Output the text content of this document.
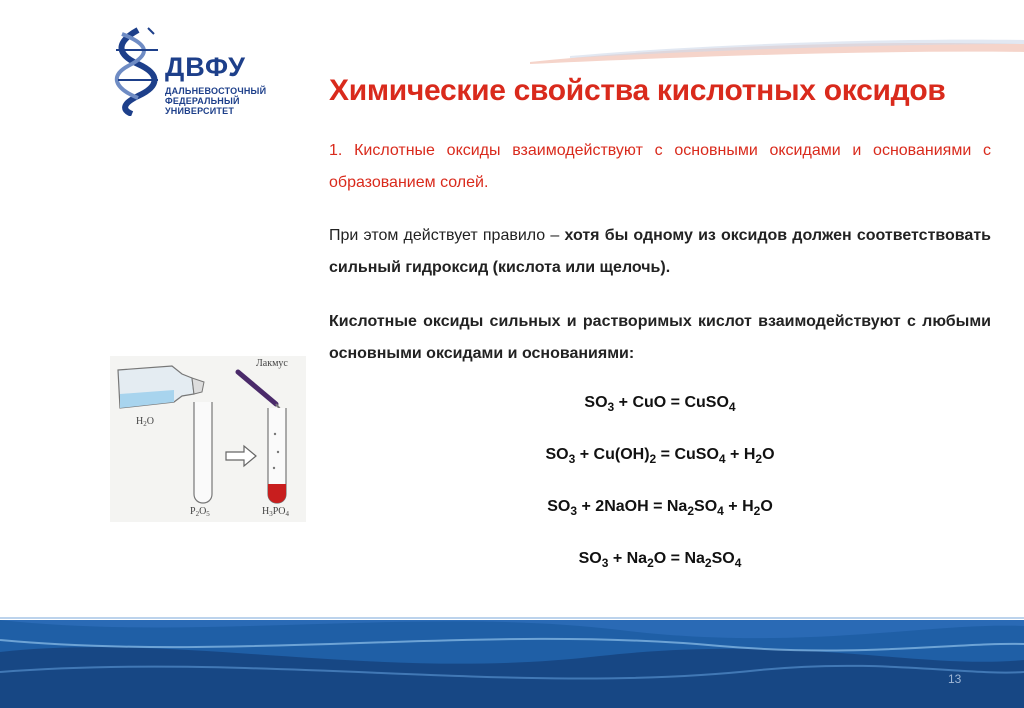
ДВФУ
ДАЛЬНЕВОСТОЧНЫЙ
ФЕДЕРАЛЬНЫЙ
УНИВЕРСИТЕТ
Химические свойства кислотных оксидов
1. Кислотные оксиды взаимодействуют с основными оксидами и основаниями с образованием солей.
При этом действует правило – хотя бы одному из оксидов должен соответствовать сильный гидроксид (кислота или щелочь).
Кислотные оксиды сильных и растворимых кислот взаимодействуют с любыми основными оксидами и основаниями:
$SO_3$ + CuO = CuSO$_4$
$SO_3 + Cu(OH)_2$ = CuSO$_4$ + $H_2O$
$SO_3$ + 2NaOH = $Na_2SO_4 + H_2O$
$SO_3 + Na_2O = Na_2SO_4$
Лакмус
$H_2O$
$P_2O_5$	$H_3PO_4$
13
